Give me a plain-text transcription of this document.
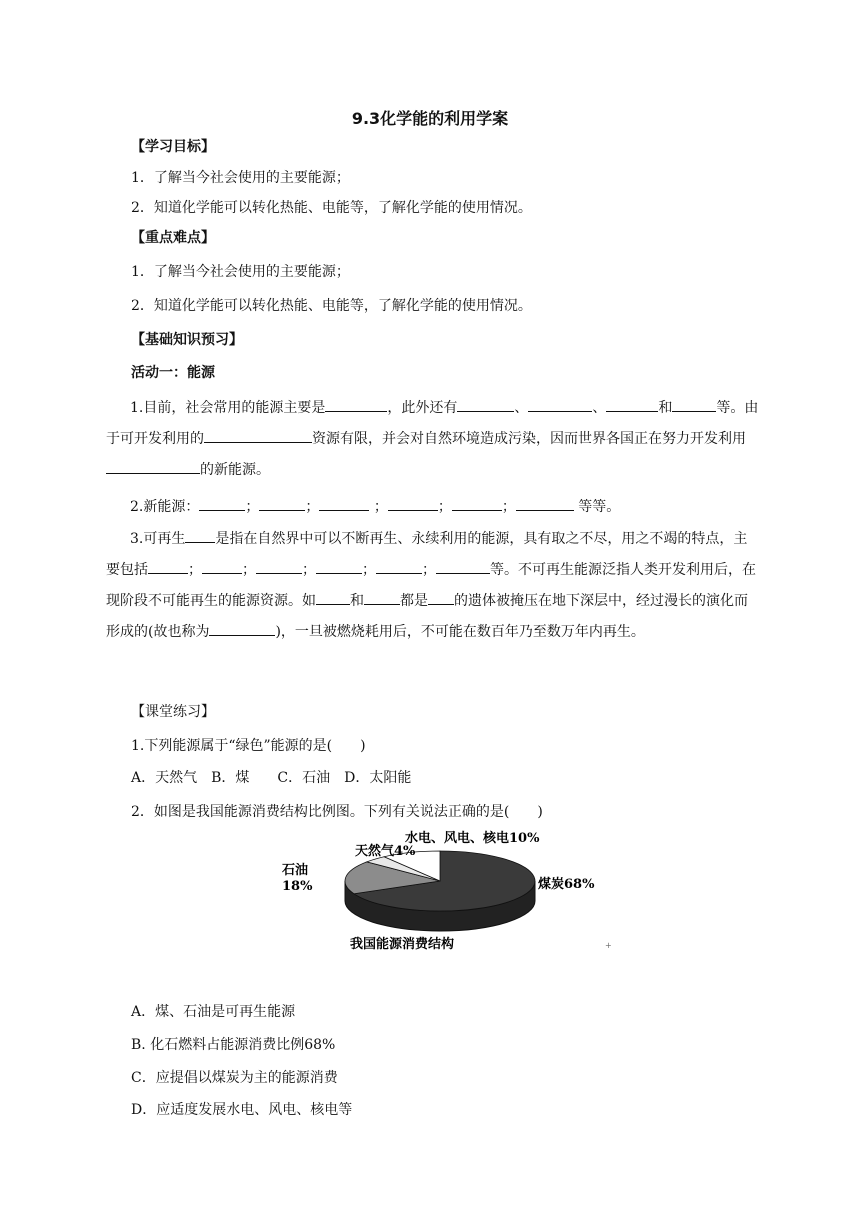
9.3化学能的利用学案
【学习目标】
1．了解当今社会使用的主要能源；
2．知道化学能可以转化热能、电能等，了解化学能的使用情况。
【重点难点】
1．了解当今社会使用的主要能源；
2．知道化学能可以转化热能、电能等，了解化学能的使用情况。
【基础知识预习】
活动一：能源
1.目前，社会常用的能源主要是	，此外还有	、	、	和	等。由于可开发利用的	资源有限，并会对自然环境造成污染，因而世界各国正在努力开发利用的新能源。
2.新能源：	；	；	；	；	；	等等。
3.可再生 是指在自然界中可以不断再生、永续利用的能源，具有取之不尽，用之不竭的特点，主要包括	；	；	；	；	；	等。不可再生能源泛指人类开发利用后，在现阶段不可能再生的能源资源。如 和	都是 的遗体被掩压在地下深层中，经过漫长的演化而形成的(故也称为	)，一旦被燃烧耗用后，不可能在数百年乃至数万年内再生。
【课堂练习】
1.下列能源属于“绿色”能源的是(　　)
A．天然气　B．煤　　C．石油　D．太阳能
2．如图是我国能源消费结构比例图。下列有关说法正确的是(　　)
天然气4%
水电、风电、核电10%
石油
18%	煤炭68%
我国能源消费结构	+
A．煤、石油是可再生能源
B. 化石燃料占能源消费比例68%
C．应提倡以煤炭为主的能源消费
D．应适度发展水电、风电、核电等
